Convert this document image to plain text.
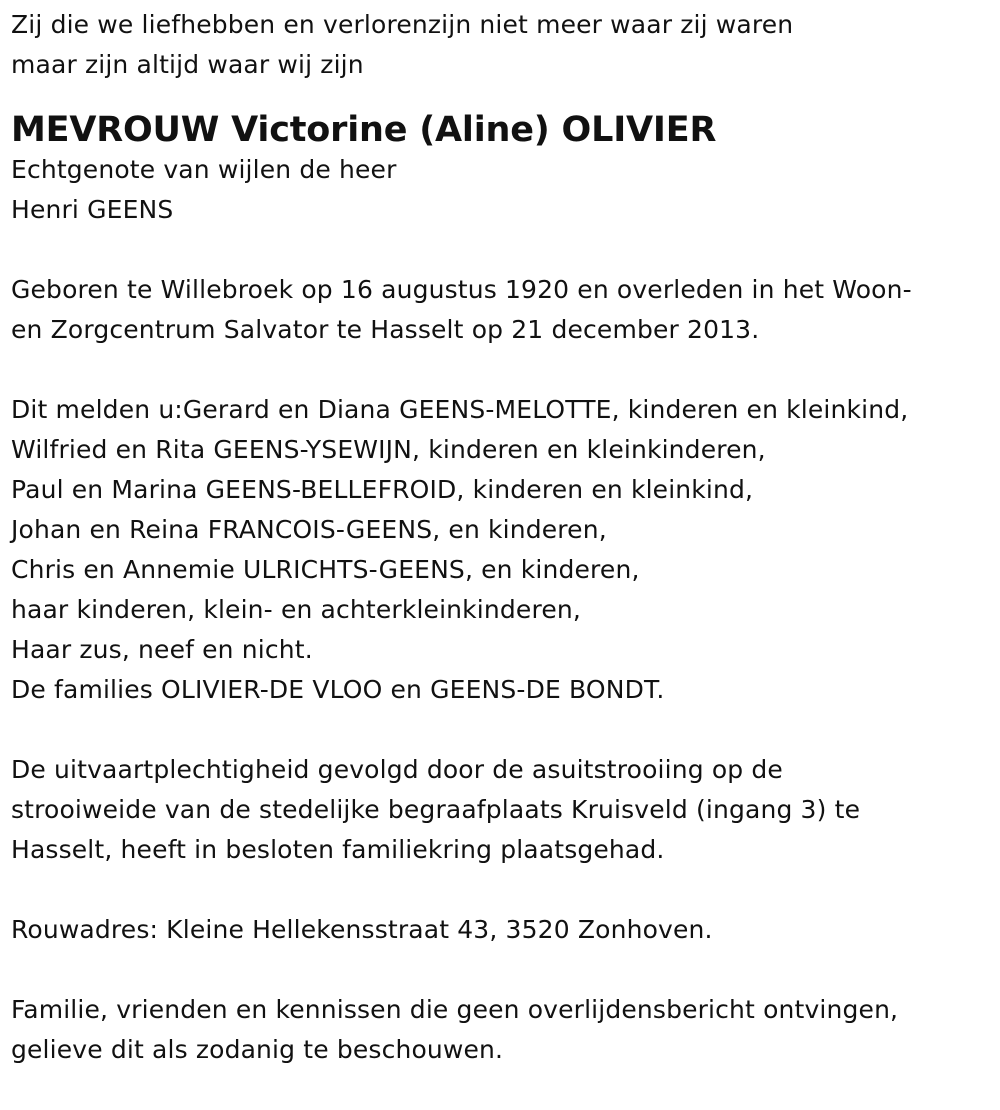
Zij die we liefhebben en verlorenzijn niet meer waar zij waren
maar zijn altijd waar wij zijn
MEVROUW Victorine (Aline) OLIVIER
Echtgenote van wijlen de heer
Henri GEENS
Geboren te Willebroek op 16 augustus 1920 en overleden in het Woon-
en Zorgcentrum Salvator te Hasselt op 21 december 2013.
Dit melden u:Gerard en Diana GEENS-MELOTTE, kinderen en kleinkind,
Wilfried en Rita GEENS-YSEWIJN, kinderen en kleinkinderen,
Paul en Marina GEENS-BELLEFROID, kinderen en kleinkind,
Johan en Reina FRANCOIS-GEENS, en kinderen,
Chris en Annemie ULRICHTS-GEENS, en kinderen,
haar kinderen, klein- en achterkleinkinderen,
Haar zus, neef en nicht.
De families OLIVIER-DE VLOO en GEENS-DE BONDT.
De uitvaartplechtigheid gevolgd door de asuitstrooiing op de
strooiweide van de stedelijke begraafplaats Kruisveld (ingang 3) te
Hasselt, heeft in besloten familiekring plaatsgehad.
Rouwadres: Kleine Hellekensstraat 43, 3520 Zonhoven.
Familie, vrienden en kennissen die geen overlijdensbericht ontvingen,
gelieve dit als zodanig te beschouwen.
